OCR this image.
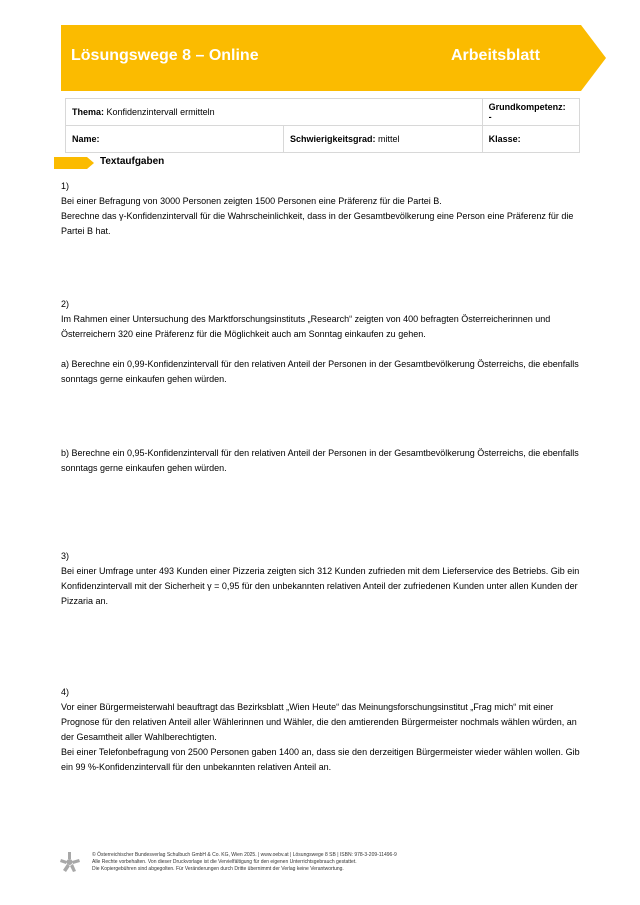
Lösungswege 8 – Online	Arbeitsblatt
Thema: Konfidenzintervall ermitteln		Grundkompetenz:  -
Name:	Schwierigkeitsgrad: mittel	Klasse:
Textaufgaben

1)

Bei einer Befragung von 3000 Personen zeigten 1500 Personen eine Präferenz für die Partei B.

Berechne das γ-Konfidenzintervall für die Wahrscheinlichkeit, dass in der Gesamtbevölkerung eine Person eine Präferenz für die Partei B hat.

2)

Im Rahmen einer Untersuchung des Marktforschungsinstituts „Research“ zeigten von 400 befragten Österreicherinnen und Österreichern 320 eine Präferenz für die Möglichkeit auch am Sonntag einkaufen zu gehen.

a) Berechne ein 0,99-Konfidenzintervall für den relativen Anteil der Personen in der Gesamtbevölkerung Österreichs, die ebenfalls sonntags gerne einkaufen gehen würden.

b) Berechne ein 0,95-Konfidenzintervall für den relativen Anteil der Personen in der Gesamtbevölkerung Österreichs, die ebenfalls sonntags gerne einkaufen gehen würden.

3)

Bei einer Umfrage unter 493 Kunden einer Pizzeria zeigten sich 312 Kunden zufrieden mit dem Lieferservice des Betriebs. Gib ein Konfidenzintervall mit der Sicherheit γ = 0,95 für den unbekannten relativen Anteil der zufriedenen Kunden unter allen Kunden der Pizzaria an.

4)

Vor einer Bürgermeisterwahl beauftragt das Bezirksblatt „Wien Heute“ das Meinungsforschungsinstitut „Frag mich“ mit einer Prognose für den relativen Anteil aller Wählerinnen und Wähler, die den amtierenden Bürgermeister nochmals wählen würden, an der Gesamtheit aller Wahlberechtigten.

Bei einer Telefonbefragung von 2500 Personen gaben 1400 an, dass sie den derzeitigen Bürgermeister wieder wählen wollen. Gib ein 99 %-Konfidenzintervall für den unbekannten relativen Anteil an.

© Österreichischer Bundesverlag Schulbuch GmbH & Co. KG, Wien 2025. | www.oebv.at | Lösungswege 8 SB | ISBN: 978-3-209-11496-9

Alle Rechte vorbehalten. Von dieser Druckvorlage ist die Vervielfältigung für den eigenen Unterrichtsgebrauch gestattet.

Die Kopiergebühren sind abgegolten. Für Veränderungen durch Dritte übernimmt der Verlag keine Verantwortung.
